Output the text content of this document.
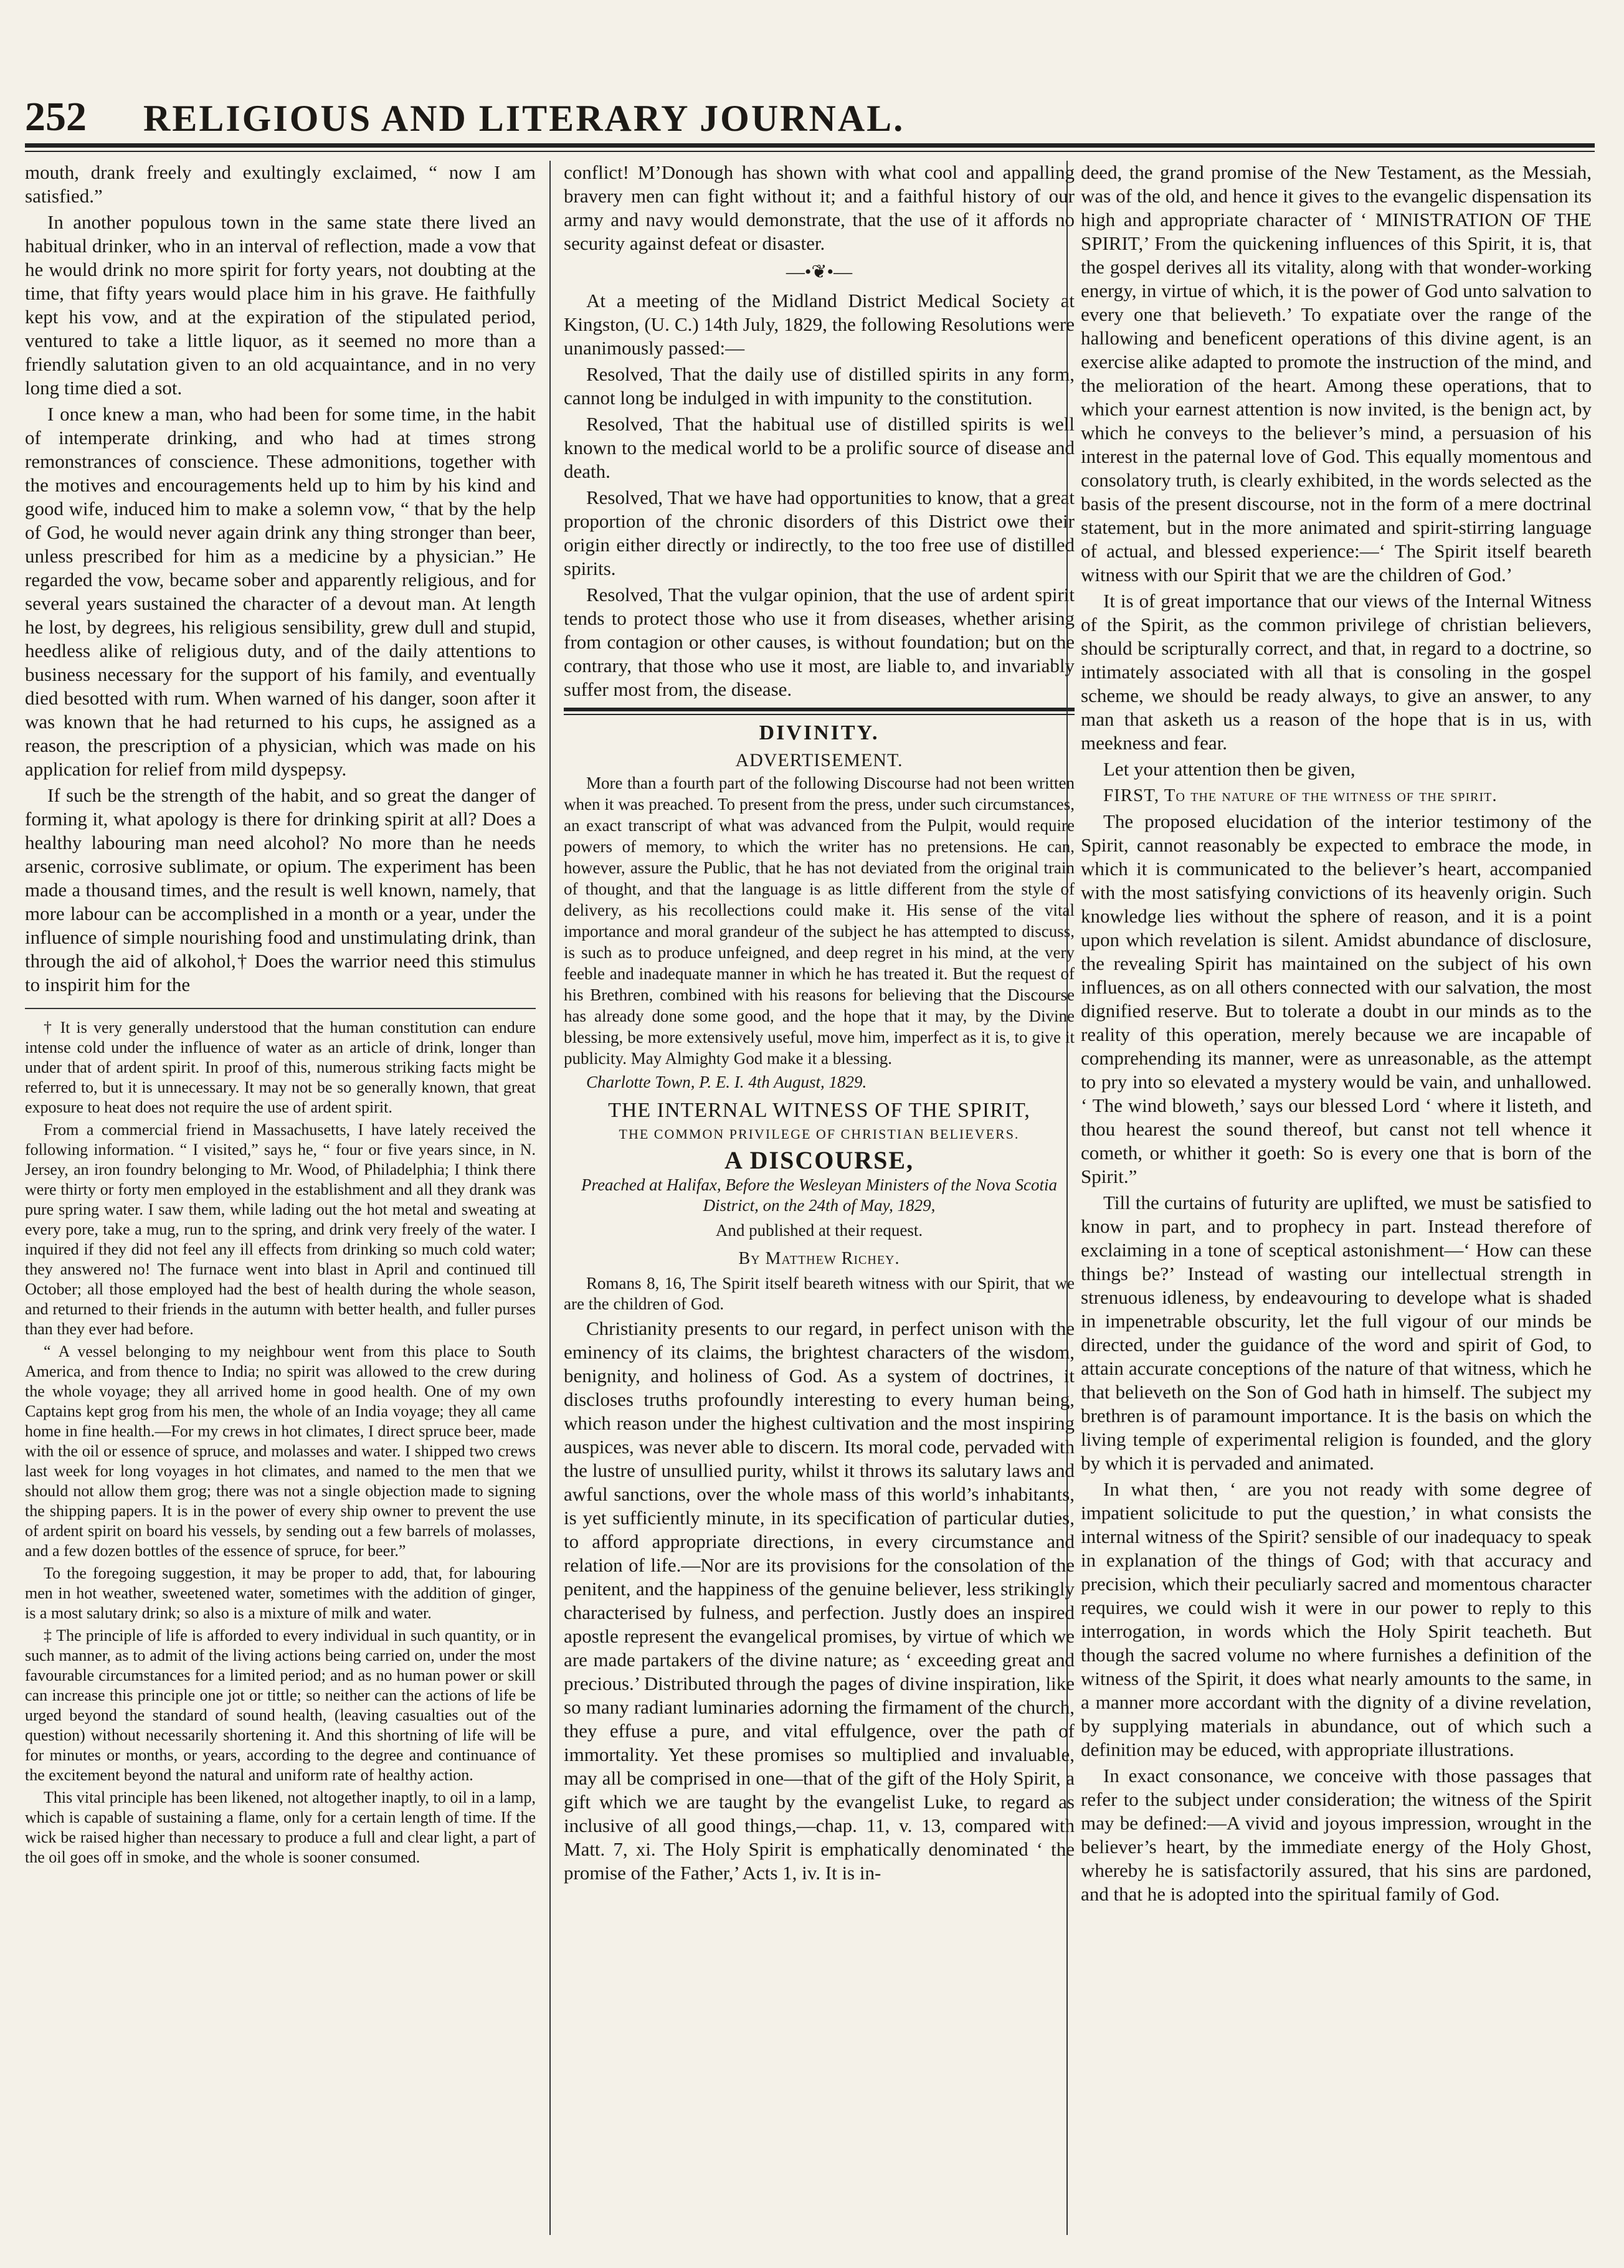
252 RELIGIOUS AND LITERARY JOURNAL.

mouth, drank freely and exultingly exclaimed, “ now I am satisfied.”

In another populous town in the same state there lived an habitual drinker, who in an interval of reflection, made a vow that he would drink no more spirit for forty years, not doubting at the time, that fifty years would place him in his grave. He faithfully kept his vow, and at the expiration of the stipulated period, ventured to take a little liquor, as it seemed no more than a friendly salutation given to an old acquaintance, and in no very long time died a sot.

I once knew a man, who had been for some time, in the habit of intemperate drinking, and who had at times strong remonstrances of conscience. These admonitions, together with the motives and encouragements held up to him by his kind and good wife, induced him to make a solemn vow, “ that by the help of God, he would never again drink any thing stronger than beer, unless prescribed for him as a medicine by a physician.” He regarded the vow, became sober and apparently religious, and for several years sustained the character of a devout man. At length he lost, by degrees, his religious sensibility, grew dull and stupid, heedless alike of religious duty, and of the daily attentions to business necessary for the support of his family, and eventually died besotted with rum. When warned of his danger, soon after it was known that he had returned to his cups, he assigned as a reason, the prescription of a physician, which was made on his application for relief from mild dyspepsy.

If such be the strength of the habit, and so great the danger of forming it, what apology is there for drinking spirit at all? Does a healthy labouring man need alcohol? No more than he needs arsenic, corrosive sublimate, or opium. The experiment has been made a thousand times, and the result is well known, namely, that more labour can be accomplished in a month or a year, under the influence of simple nourishing food and unstimulating drink, than through the aid of alkohol,† Does the warrior need this stimulus to inspirit him for the

† It is very generally understood that the human constitution can endure intense cold under the influence of water as an article of drink, longer than under that of ardent spirit. In proof of this, numerous striking facts might be referred to, but it is unnecessary. It may not be so generally known, that great exposure to heat does not require the use of ardent spirit.

From a commercial friend in Massachusetts, I have lately received the following information. “ I visited,” says he, “ four or five years since, in N. Jersey, an iron foundry belonging to Mr. Wood, of Philadelphia; I think there were thirty or forty men employed in the establishment and all they drank was pure spring water. I saw them, while lading out the hot metal and sweating at every pore, take a mug, run to the spring, and drink very freely of the water. I inquired if they did not feel any ill effects from drinking so much cold water; they answered no! The furnace went into blast in April and continued till October; all those employed had the best of health during the whole season, and returned to their friends in the autumn with better health, and fuller purses than they ever had before.

“ A vessel belonging to my neighbour went from this place to South America, and from thence to India; no spirit was allowed to the crew during the whole voyage; they all arrived home in good health. One of my own Captains kept grog from his men, the whole of an India voyage; they all came home in fine health.—For my crews in hot climates, I direct spruce beer, made with the oil or essence of spruce, and molasses and water. I shipped two crews last week for long voyages in hot climates, and named to the men that we should not allow them grog; there was not a single objection made to signing the shipping papers. It is in the power of every ship owner to prevent the use of ardent spirit on board his vessels, by sending out a few barrels of molasses, and a few dozen bottles of the essence of spruce, for beer.”

To the foregoing suggestion, it may be proper to add, that, for labouring men in hot weather, sweetened water, sometimes with the addition of ginger, is a most salutary drink; so also is a mixture of milk and water.

‡ The principle of life is afforded to every individual in such quantity, or in such manner, as to admit of the living actions being carried on, under the most favourable circumstances for a limited period; and as no human power or skill can increase this principle one jot or tittle; so neither can the actions of life be urged beyond the standard of sound health, (leaving casualties out of the question) without necessarily shortening it. And this shortning of life will be for minutes or months, or years, according to the degree and continuance of the excitement beyond the natural and uniform rate of healthy action.

This vital principle has been likened, not altogether inaptly, to oil in a lamp, which is capable of sustaining a flame, only for a certain length of time. If the wick be raised higher than necessary to produce a full and clear light, a part of the oil goes off in smoke, and the whole is sooner consumed.

conflict! M’Donough has shown with what cool and appalling bravery men can fight without it; and a faithful history of our army and navy would demonstrate, that the use of it affords no security against defeat or disaster.

—•❦•—

At a meeting of the Midland District Medical Society at Kingston, (U. C.) 14th July, 1829, the following Resolutions were unanimously passed:—

Resolved, That the daily use of distilled spirits in any form, cannot long be indulged in with impunity to the constitution.

Resolved, That the habitual use of distilled spirits is well known to the medical world to be a prolific source of disease and death.

Resolved, That we have had opportunities to know, that a great proportion of the chronic disorders of this District owe their origin either directly or indirectly, to the too free use of distilled spirits.

Resolved, That the vulgar opinion, that the use of ardent spirit tends to protect those who use it from diseases, whether arising from contagion or other causes, is without foundation; but on the contrary, that those who use it most, are liable to, and invariably suffer most from, the disease.

DIVINITY.
ADVERTISEMENT.

More than a fourth part of the following Discourse had not been written when it was preached. To present from the press, under such circumstances, an exact transcript of what was advanced from the Pulpit, would require powers of memory, to which the writer has no pretensions. He can, however, assure the Public, that he has not deviated from the original train of thought, and that the language is as little different from the style of delivery, as his recollections could make it. His sense of the vital importance and moral grandeur of the subject he has attempted to discuss, is such as to produce unfeigned, and deep regret in his mind, at the very feeble and inadequate manner in which he has treated it. But the request of his Brethren, combined with his reasons for believing that the Discourse has already done some good, and the hope that it may, by the Divine blessing, be more extensively useful, move him, imperfect as it is, to give it publicity. May Almighty God make it a blessing.

Charlotte Town, P. E. I. 4th August, 1829.

THE INTERNAL WITNESS OF THE SPIRIT,
THE COMMON PRIVILEGE OF CHRISTIAN BELIEVERS.
A DISCOURSE,

Preached at Halifax, Before the Wesleyan Ministers of the Nova Scotia District, on the 24th of May, 1829,

And published at their request.

By Matthew Richey.

Romans 8, 16, The Spirit itself beareth witness with our Spirit, that we are the children of God.

Christianity presents to our regard, in perfect unison with the eminency of its claims, the brightest characters of the wisdom, benignity, and holiness of God. As a system of doctrines, it discloses truths profoundly interesting to every human being, which reason under the highest cultivation and the most inspiring auspices, was never able to discern. Its moral code, pervaded with the lustre of unsullied purity, whilst it throws its salutary laws and awful sanctions, over the whole mass of this world’s inhabitants, is yet sufficiently minute, in its specification of particular duties, to afford appropriate directions, in every circumstance and relation of life.—Nor are its provisions for the consolation of the penitent, and the happiness of the genuine believer, less strikingly characterised by fulness, and perfection. Justly does an inspired apostle represent the evangelical promises, by virtue of which we are made partakers of the divine nature; as ‘ exceeding great and precious.’ Distributed through the pages of divine inspiration, like so many radiant luminaries adorning the firmament of the church, they effuse a pure, and vital effulgence, over the path of immortality. Yet these promises so multiplied and invaluable, may all be comprised in one—that of the gift of the Holy Spirit, a gift which we are taught by the evangelist Luke, to regard as inclusive of all good things,—chap. 11, v. 13, compared with Matt. 7, xi. The Holy Spirit is emphatically denominated ‘ the promise of the Father,’ Acts 1, iv. It is in-

deed, the grand promise of the New Testament, as the Messiah, was of the old, and hence it gives to the evangelic dispensation its high and appropriate character of ‘ MINISTRATION OF THE SPIRIT,’ From the quickening influences of this Spirit, it is, that the gospel derives all its vitality, along with that wonder-working energy, in virtue of which, it is the power of God unto salvation to every one that believeth.’ To expatiate over the range of the hallowing and beneficent operations of this divine agent, is an exercise alike adapted to promote the instruction of the mind, and the melioration of the heart. Among these operations, that to which your earnest attention is now invited, is the benign act, by which he conveys to the believer’s mind, a persuasion of his interest in the paternal love of God. This equally momentous and consolatory truth, is clearly exhibited, in the words selected as the basis of the present discourse, not in the form of a mere doctrinal statement, but in the more animated and spirit-stirring language of actual, and blessed experience:—‘ The Spirit itself beareth witness with our Spirit that we are the children of God.’

It is of great importance that our views of the Internal Witness of the Spirit, as the common privilege of christian believers, should be scripturally correct, and that, in regard to a doctrine, so intimately associated with all that is consoling in the gospel scheme, we should be ready always, to give an answer, to any man that asketh us a reason of the hope that is in us, with meekness and fear.

Let your attention then be given,

FIRST, To the nature of the witness of the spirit.

The proposed elucidation of the interior testimony of the Spirit, cannot reasonably be expected to embrace the mode, in which it is communicated to the believer’s heart, accompanied with the most satisfying convictions of its heavenly origin. Such knowledge lies without the sphere of reason, and it is a point upon which revelation is silent. Amidst abundance of disclosure, the revealing Spirit has maintained on the subject of his own influences, as on all others connected with our salvation, the most dignified reserve. But to tolerate a doubt in our minds as to the reality of this operation, merely because we are incapable of comprehending its manner, were as unreasonable, as the attempt to pry into so elevated a mystery would be vain, and unhallowed. ‘ The wind bloweth,’ says our blessed Lord ‘ where it listeth, and thou hearest the sound thereof, but canst not tell whence it cometh, or whither it goeth: So is every one that is born of the Spirit.”

Till the curtains of futurity are uplifted, we must be satisfied to know in part, and to prophecy in part. Instead therefore of exclaiming in a tone of sceptical astonishment—‘ How can these things be?’ Instead of wasting our intellectual strength in strenuous idleness, by endeavouring to develope what is shaded in impenetrable obscurity, let the full vigour of our minds be directed, under the guidance of the word and spirit of God, to attain accurate conceptions of the nature of that witness, which he that believeth on the Son of God hath in himself. The subject my brethren is of paramount importance. It is the basis on which the living temple of experimental religion is founded, and the glory by which it is pervaded and animated.

In what then, ‘ are you not ready with some degree of impatient solicitude to put the question,’ in what consists the internal witness of the Spirit? sensible of our inadequacy to speak in explanation of the things of God; with that accuracy and precision, which their peculiarly sacred and momentous character requires, we could wish it were in our power to reply to this interrogation, in words which the Holy Spirit teacheth. But though the sacred volume no where furnishes a definition of the witness of the Spirit, it does what nearly amounts to the same, in a manner more accordant with the dignity of a divine revelation, by supplying materials in abundance, out of which such a definition may be educed, with appropriate illustrations.

In exact consonance, we conceive with those passages that refer to the subject under consideration; the witness of the Spirit may be defined:—A vivid and joyous impression, wrought in the believer’s heart, by the immediate energy of the Holy Ghost, whereby he is satisfactorily assured, that his sins are pardoned, and that he is adopted into the spiritual family of God.
